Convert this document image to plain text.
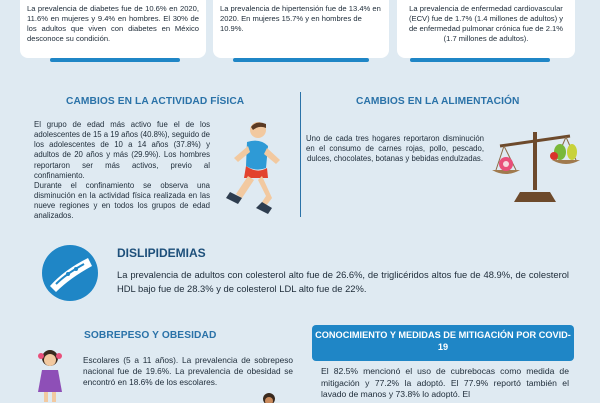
La prevalencia de diabetes fue de 10.6% en 2020, 11.6% en mujeres y 9.4% en hombres. El 30% de los adultos que viven con diabetes en México desconoce su condición.

La prevalencia de hipertensión fue de 13.4% en 2020. En mujeres 15.7% y en hombres de 10.9%.

La prevalencia de enfermedad cardiovascular (ECV) fue de 1.7% (1.4 millones de adultos) y de enfermedad pulmonar crónica fue de 2.1% (1.7 millones de adultos).

CAMBIOS EN LA ACTIVIDAD FÍSICA
El grupo de edad más activo fue el de los adolescentes de 15 a 19 años (40.8%), seguido de los adolescentes de 10 a 14 años (37.8%) y adultos de 20 años y más (29.9%). Los hombres reportaron ser más activos, previo al confinamiento.
Durante el confinamiento se observa una disminución en la actividad física realizada en las nueve regiones y en todos los grupos de edad analizados.
CAMBIOS EN LA ALIMENTACIÓN
Uno de cada tres hogares reportaron disminución en el consumo de carnes rojas, pollo, pescado, dulces, chocolates, botanas y bebidas endulzadas.
DISLIPIDEMIAS
La prevalencia de adultos con colesterol alto fue de 26.6%, de triglicéridos altos fue de 48.9%, de colesterol HDL bajo fue de 28.3% y de colesterol LDL alto fue de 22%.
SOBREPESO Y OBESIDAD
Escolares (5 a 11 años). La prevalencia de sobrepeso nacional fue de 19.6%. La prevalencia de obesidad se encontró en 18.6% de los escolares.
CONOCIMIENTO Y MEDIDAS DE MITIGACIÓN POR COVID-19
El 82.5% mencionó el uso de cubrebocas como medida de mitigación y 77.2% la adoptó. El 77.9% reportó también el lavado de manos y 73.8% lo adoptó. El
